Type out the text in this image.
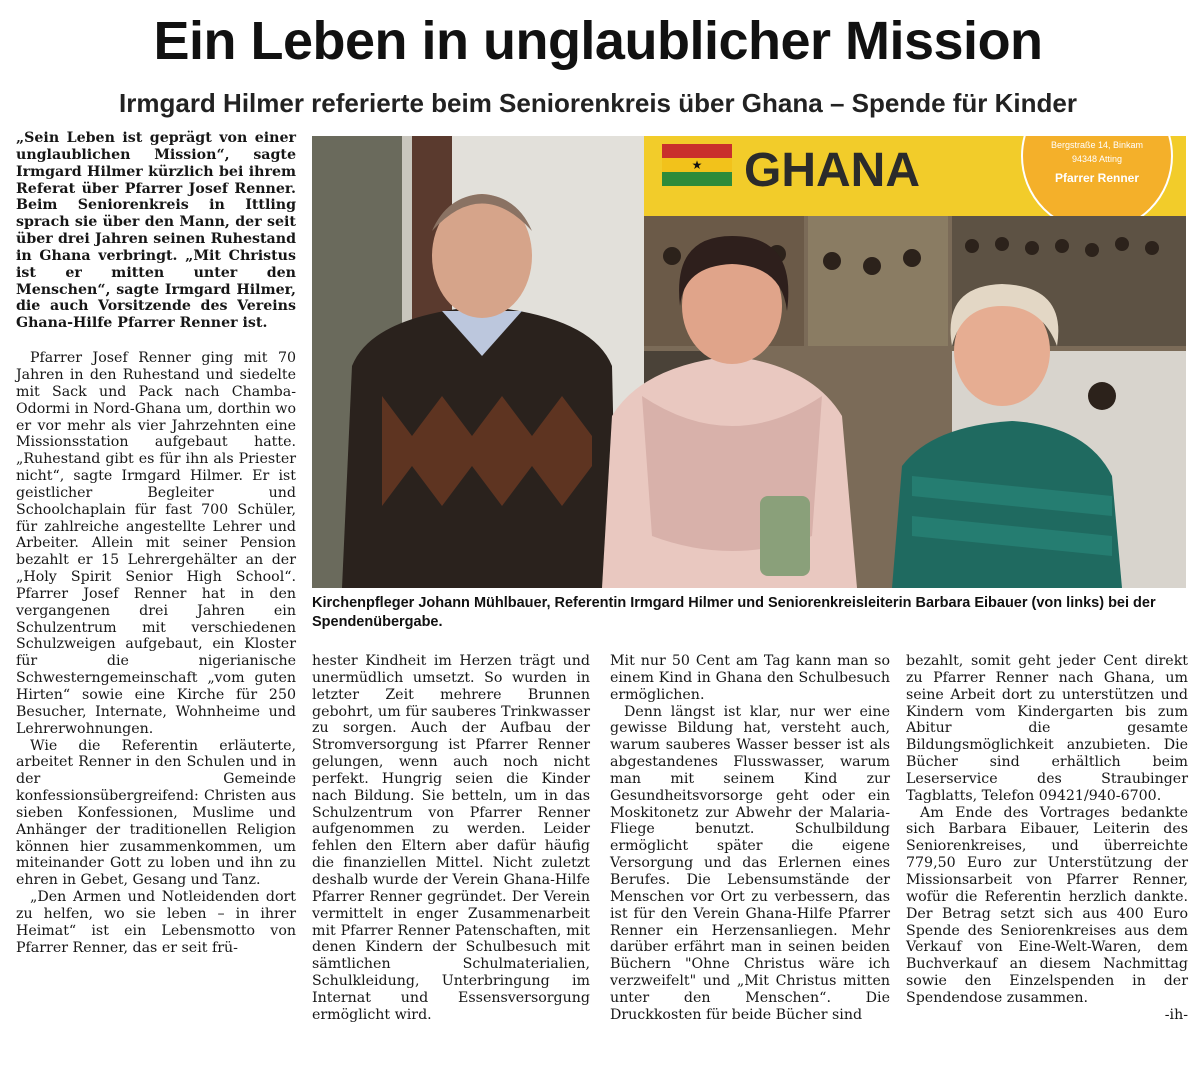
Ein Leben in unglaublicher Mission
Irmgard Hilmer referierte beim Seniorenkreis über Ghana – Spende für Kinder

„Sein Leben ist geprägt von einer unglaublichen Mission“, sagte Irmgard Hilmer kürzlich bei ihrem Referat über Pfarrer Josef Renner. Beim Seniorenkreis in Ittling sprach sie über den Mann, der seit über drei Jahren seinen Ruhestand in Ghana verbringt. „Mit Christus ist er mitten unter den Menschen“, sagte Irmgard Hilmer, die auch Vorsitzende des Vereins Ghana-Hilfe Pfarrer Renner ist.

Pfarrer Josef Renner ging mit 70 Jahren in den Ruhestand und siedelte mit Sack und Pack nach Chamba-Odormi in Nord-Ghana um, dorthin wo er vor mehr als vier Jahrzehnten eine Missionsstation aufgebaut hatte. „Ruhestand gibt es für ihn als Priester nicht“, sagte Irmgard Hilmer. Er ist geistlicher Begleiter und Schoolchaplain für fast 700 Schüler, für zahlreiche angestellte Lehrer und Arbeiter. Allein mit seiner Pension bezahlt er 15 Lehrergehälter an der „Holy Spirit Senior High School“. Pfarrer Josef Renner hat in den vergangenen drei Jahren ein Schulzentrum mit verschiedenen Schulzweigen aufgebaut, ein Kloster für die nigerianische Schwesterngemeinschaft „vom guten Hirten“ sowie eine Kirche für 250 Besucher, Internate, Wohnheime und Lehrerwohnungen.

Wie die Referentin erläuterte, arbeitet Renner in den Schulen und in der Gemeinde konfessionsübergreifend: Christen aus sieben Konfessionen, Muslime und Anhänger der traditionellen Religion können hier zusammenkommen, um miteinander Gott zu loben und ihn zu ehren in Gebet, Gesang und Tanz.

„Den Armen und Notleidenden dort zu helfen, wo sie leben – in ihrer Heimat“ ist ein Lebensmotto von Pfarrer Renner, das er seit frü-

★ GHANA	Bergstraße 14, Binkam
94348 Atting
Pfarrer Renner
Kirchenpfleger Johann Mühlbauer, Referentin Irmgard Hilmer und Seniorenkreisleiterin Barbara Eibauer (von links) bei der Spendenübergabe.

hester Kindheit im Herzen trägt und unermüdlich umsetzt. So wurden in letzter Zeit mehrere Brunnen gebohrt, um für sauberes Trinkwasser zu sorgen. Auch der Aufbau der Stromversorgung ist Pfarrer Renner gelungen, wenn auch noch nicht perfekt. Hungrig seien die Kinder nach Bildung. Sie betteln, um in das Schulzentrum von Pfarrer Renner aufgenommen zu werden. Leider fehlen den Eltern aber dafür häufig die finanziellen Mittel. Nicht zuletzt deshalb wurde der Verein Ghana-Hilfe Pfarrer Renner gegründet. Der Verein vermittelt in enger Zusammenarbeit mit Pfarrer Renner Patenschaften, mit denen Kindern der Schulbesuch mit sämtlichen Schulmaterialien, Schulkleidung, Unterbringung im Internat und Essensversorgung ermöglicht wird.

Mit nur 50 Cent am Tag kann man so einem Kind in Ghana den Schulbesuch ermöglichen.

Denn längst ist klar, nur wer eine gewisse Bildung hat, versteht auch, warum sauberes Wasser besser ist als abgestandenes Flusswasser, warum man mit seinem Kind zur Gesundheitsvorsorge geht oder ein Moskitonetz zur Abwehr der Malaria-Fliege benutzt. Schulbildung ermöglicht später die eigene Versorgung und das Erlernen eines Berufes. Die Lebensumstände der Menschen vor Ort zu verbessern, das ist für den Verein Ghana-Hilfe Pfarrer Renner ein Herzensanliegen. Mehr darüber erfährt man in seinen beiden Büchern "Ohne Christus wäre ich verzweifelt" und „Mit Christus mitten unter den Menschen“. Die Druckkosten für beide Bücher sind

bezahlt, somit geht jeder Cent direkt zu Pfarrer Renner nach Ghana, um seine Arbeit dort zu unterstützen und Kindern vom Kindergarten bis zum Abitur die gesamte Bildungsmöglichkeit anzubieten. Die Bücher sind erhältlich beim Leserservice des Straubinger Tagblatts, Telefon 09421/940-6700.

Am Ende des Vortrages bedankte sich Barbara Eibauer, Leiterin des Seniorenkreises, und überreichte 779,50 Euro zur Unterstützung der Missionsarbeit von Pfarrer Renner, wofür die Referentin herzlich dankte. Der Betrag setzt sich aus 400 Euro Spende des Seniorenkreises aus dem Verkauf von Eine-Welt-Waren, dem Buchverkauf an diesem Nachmittag sowie den Einzelspenden in der Spendendose zusammen.

-ih-
